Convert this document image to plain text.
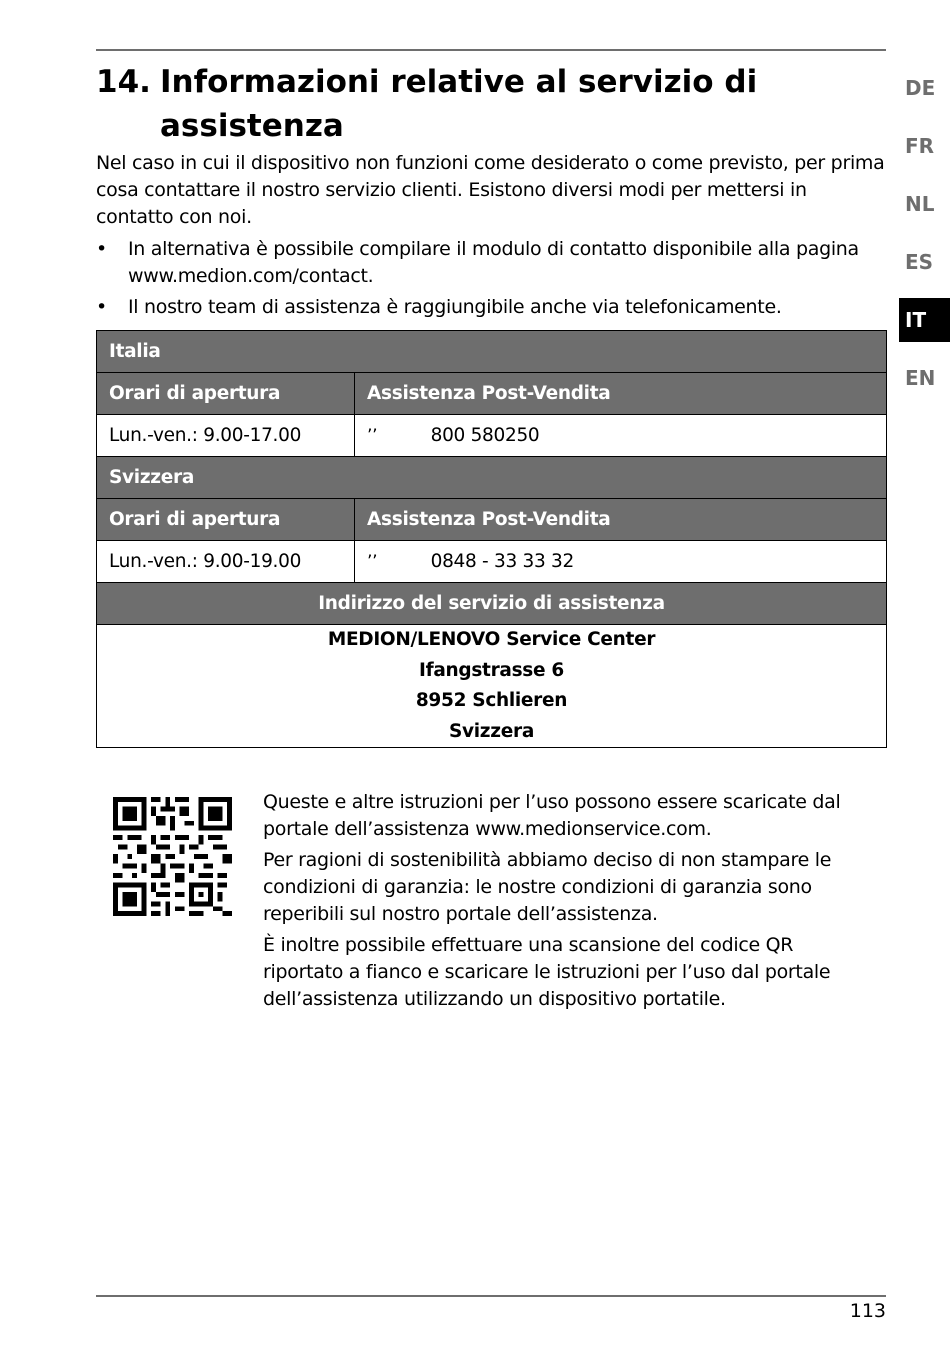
14. Informazioni relative al servizio di assistenza
Nel caso in cui il dispositivo non funzioni come desiderato o come previsto, per prima cosa contattare il nostro servizio clienti. Esistono diversi modi per mettersi in contatto con noi.
• In alternativa è possibile compilare il modulo di contatto disponibile alla pagina www.medion.com/contact.
• Il nostro team di assistenza è raggiungibile anche via telefonicamente.
Italia	
Orari di apertura	Assistenza Post-Vendita
Lun.-ven.: 9.00-17.00	’’ 800 580250
Svizzera	
Orari di apertura	Assistenza Post-Vendita
Lun.-ven.: 9.00-19.00	’’ 0848 - 33 33 32
Indirizzo del servizio di assistenza	

MEDION/LENOVO Service Center
Ifangstrasse 6
8952 Schlieren
Svizzera	

Queste e altre istruzioni per l’uso possono essere scaricate dal portale dell’assistenza www.medionservice.com.

Per ragioni di sostenibilità abbiamo deciso di non stampare le condizioni di garanzia: le nostre condizioni di garanzia sono reperibili sul nostro portale dell’assistenza.

È inoltre possibile effettuare una scansione del codice QR riportato a fianco e scaricare le istruzioni per l’uso dal portale dell’assistenza utilizzando un dispositivo portatile.

DE
FR
NL
ES
IT
EN
113
